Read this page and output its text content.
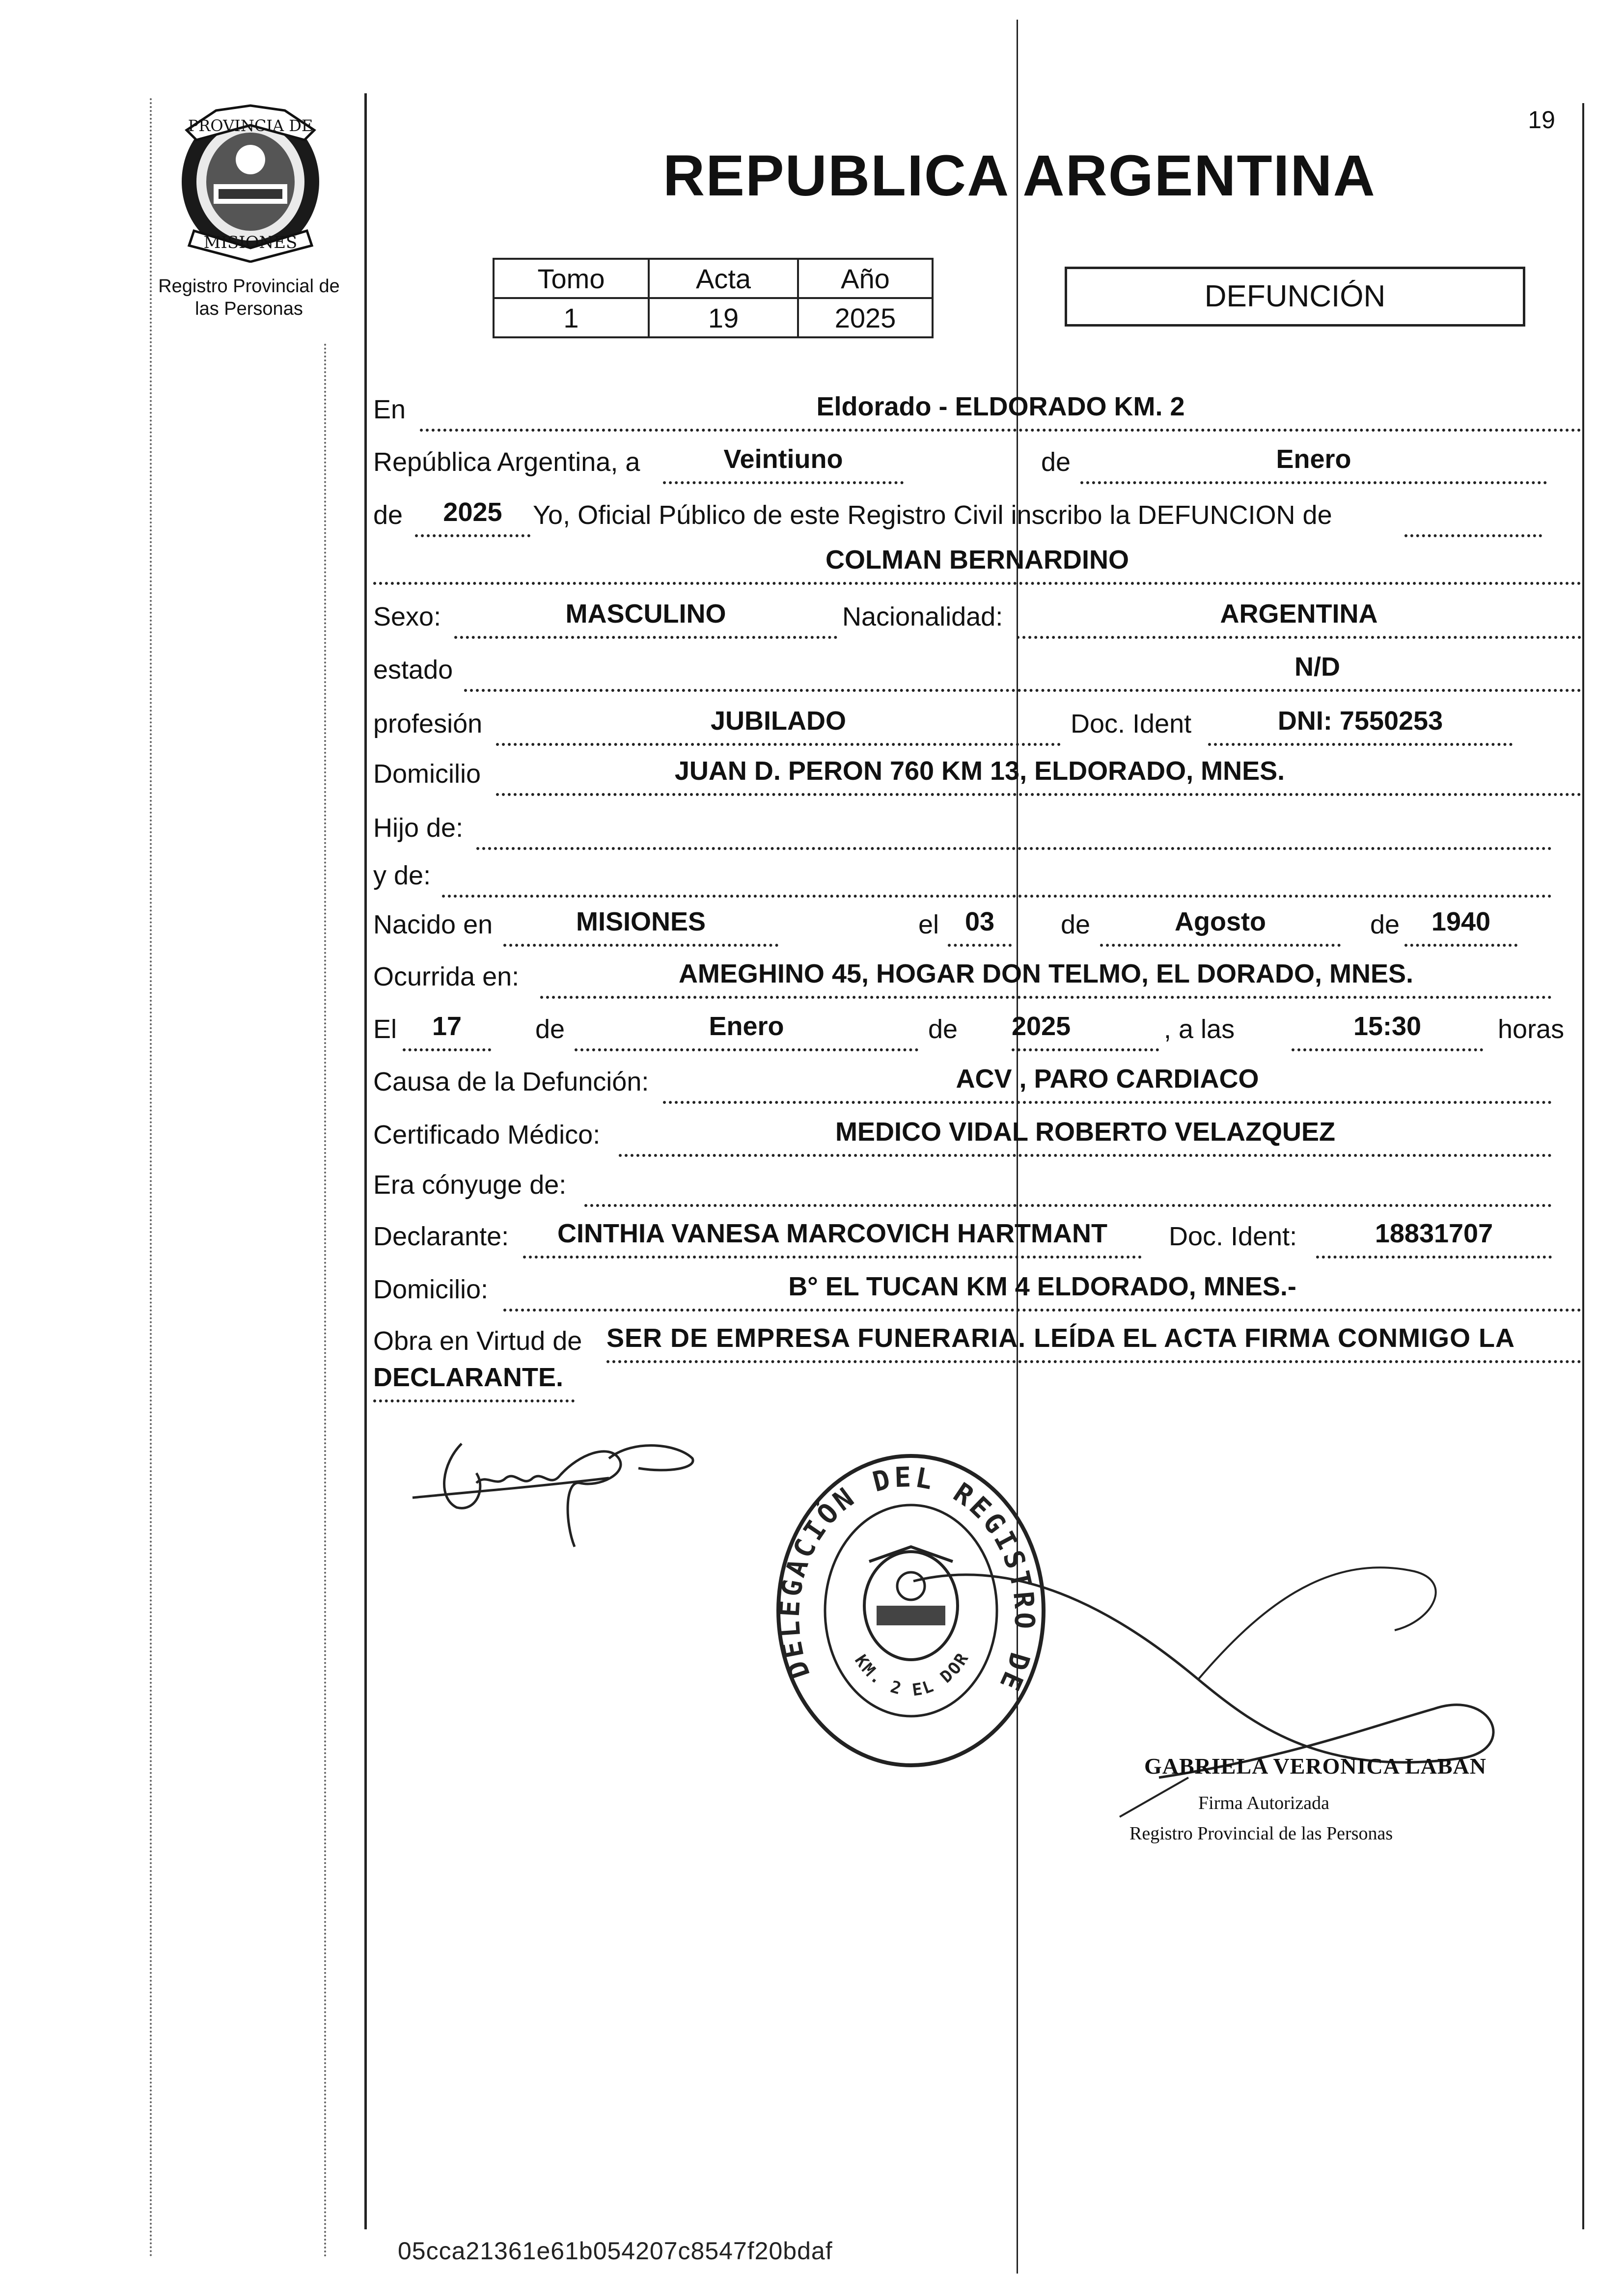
PROVINCIA DE
MISIONES
Registro Provincial de
las Personas
19
REPUBLICA ARGENTINA
Tomo	Acta	Año
1	19	2025
DEFUNCIÓN
En	Eldorado - ELDORADO KM. 2
República Argentina, a	Veintiuno	de	Enero
de	2025	Yo, Oficial Público de este Registro Civil inscribo la DEFUNCION de
COLMAN BERNARDINO
Sexo:	MASCULINO	Nacionalidad:	ARGENTINA
estado	N/D
profesión	JUBILADO	Doc. Ident	DNI: 7550253
Domicilio	JUAN D. PERON 760 KM 13, ELDORADO, MNES.
Hijo de:
y de:
Nacido en	MISIONES	el 03	de	Agosto	de	1940
Ocurrida en:	AMEGHINO 45, HOGAR DON TELMO, EL DORADO, MNES.
El	17	de	Enero	de 2025	, a las	15:30	horas
Causa de la Defunción:	ACV , PARO CARDIACO
Certificado Médico:	MEDICO VIDAL ROBERTO VELAZQUEZ
Era cónyuge de:
Declarante:	CINTHIA VANESA MARCOVICH HARTMANT	Doc. Ident:	18831707
Domicilio:	B° EL TUCAN KM 4 ELDORADO, MNES.-
Obra en Virtud de SER DE EMPRESA FUNERARIA. LEÍDA EL ACTA FIRMA CONMIGO LA
DECLARANTE.
DELEGACIÓN DEL REGISTRO DE
KM. 2 EL DOR
GABRIELA VERONICA LABAN
Firma Autorizada
Registro Provincial de las Personas
05cca21361e61b054207c8547f20bdaf
